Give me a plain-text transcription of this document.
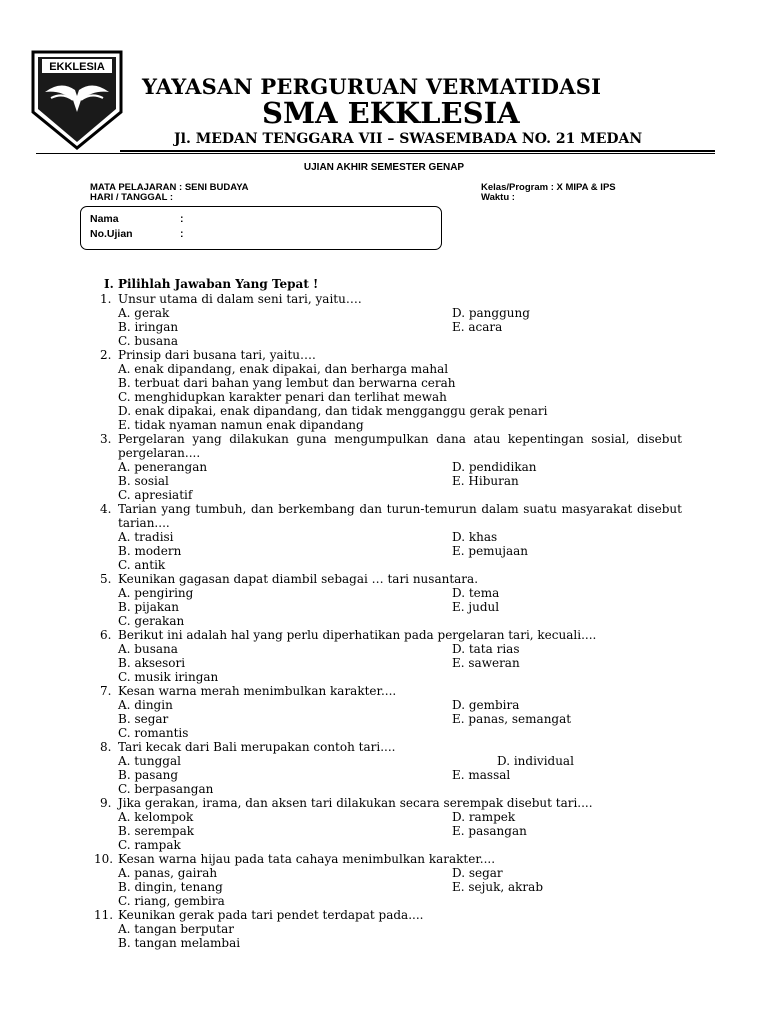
EKKLESIA
YAYASAN PERGURUAN VERMATIDASI
SMA EKKLESIA
Jl. MEDAN TENGGARA VII – SWASEMBADA NO. 21 MEDAN
UJIAN AKHIR SEMESTER GENAP
MATA PELAJARAN : SENI BUDAYA
HARI / TANGGAL :
Kelas/Program : X MIPA & IPS
Waktu :
Nama	:
No.Ujian	:
I. Pilihlah Jawaban Yang Tepat !
1. Unsur utama di dalam seni tari, yaitu….
A. gerak
B. iringan
C. busana
D. panggung
E. acara
2. Prinsip dari busana tari, yaitu….
A. enak dipandang, enak dipakai, dan berharga mahal
B. terbuat dari bahan yang lembut dan berwarna cerah
C. menghidupkan karakter penari dan terlihat mewah
D. enak dipakai, enak dipandang, dan tidak mengganggu gerak penari
E. tidak nyaman namun enak dipandang
3. Pergelaran yang dilakukan guna mengumpulkan dana atau kepentingan sosial, disebut pergelaran....
A. penerangan
B. sosial
C. apresiatif
D. pendidikan
E. Hiburan
4. Tarian yang tumbuh, dan berkembang dan turun-temurun dalam suatu masyarakat disebut tarian....
A. tradisi
B. modern
C. antik
D. khas
E. pemujaan
5. Keunikan gagasan dapat diambil sebagai … tari nusantara.
A. pengiring
B. pijakan
C. gerakan
D. tema
E. judul
6. Berikut ini adalah hal yang perlu diperhatikan pada pergelaran tari, kecuali....
A. busana
B. aksesori
C. musik iringan
D. tata rias
E. saweran
7. Kesan warna merah menimbulkan karakter....
A. dingin
B. segar
C. romantis
D. gembira
E. panas, semangat
8. Tari kecak dari Bali merupakan contoh tari....
A. tunggal
B. pasang
C. berpasangan
D. individual
E. massal
9. Jika gerakan, irama, dan aksen tari dilakukan secara serempak disebut tari....
A. kelompok
B. serempak
C. rampak
D. rampek
E. pasangan
10. Kesan warna hijau pada tata cahaya menimbulkan karakter....
A. panas, gairah
B. dingin, tenang
C. riang, gembira
D. segar
E. sejuk, akrab
11. Keunikan gerak pada tari pendet terdapat pada....
A. tangan berputar
B. tangan melambai
